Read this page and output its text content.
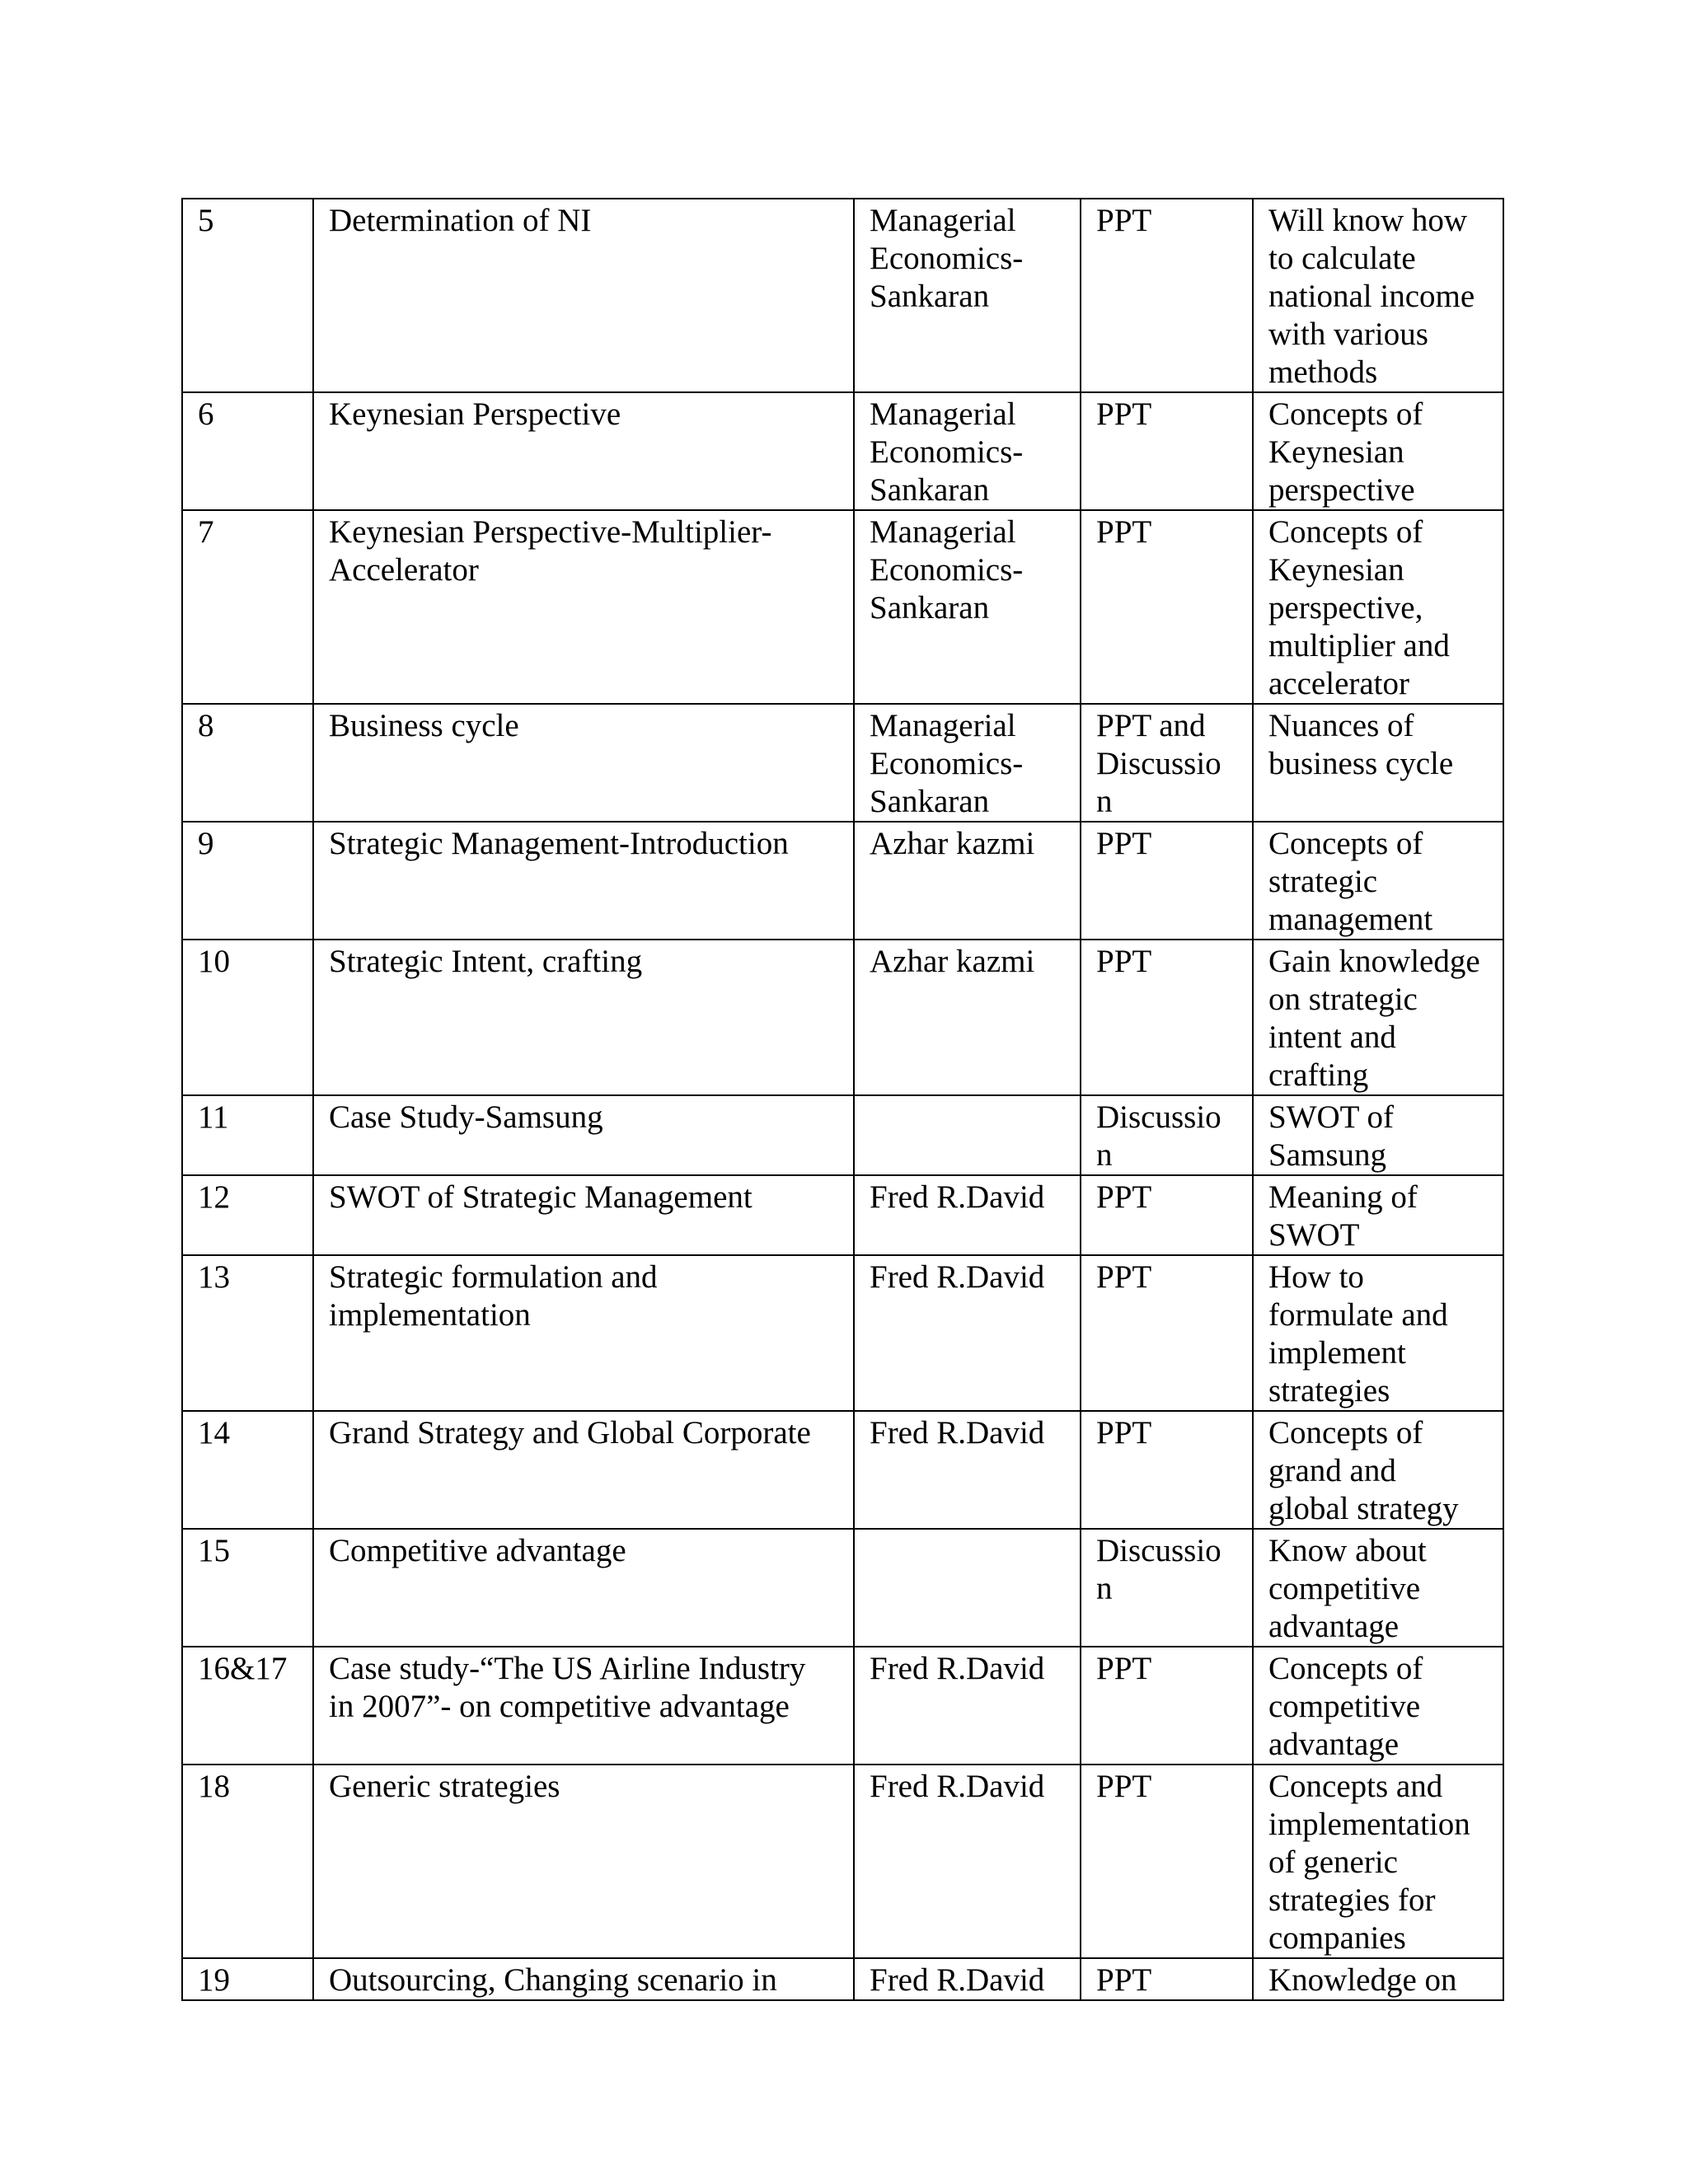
5	Determination of NI	Managerial
Economics-
Sankaran	PPT	Will know how
to calculate
national income
with various
methods

6	Keynesian Perspective	Managerial
Economics-
Sankaran	PPT	Concepts of
Keynesian
perspective

7	Keynesian Perspective-Multiplier-
Accelerator	Managerial
Economics-
Sankaran	PPT	Concepts of
Keynesian
perspective,
multiplier and
accelerator

8	Business cycle	Managerial
Economics-
Sankaran	PPT and
Discussio
n	Nuances of
business cycle

9	Strategic Management-Introduction	Azhar kazmi	PPT	Concepts of
strategic
management

10	Strategic Intent, crafting	Azhar kazmi	PPT	Gain knowledge
on strategic
intent and
crafting

11	Case Study-Samsung		Discussio
n	SWOT of
Samsung

12	SWOT of Strategic Management	Fred R.David	PPT	Meaning of
SWOT

13	Strategic formulation and
implementation	Fred R.David	PPT	How to
formulate and
implement
strategies

14	Grand Strategy and Global Corporate	Fred R.David	PPT	Concepts of
grand and
global strategy

15	Competitive advantage		Discussio
n	Know about
competitive
advantage

16&17	Case study-“The US Airline Industry
in 2007”- on competitive advantage	Fred R.David	PPT	Concepts of
competitive
advantage

18	Generic strategies	Fred R.David	PPT	Concepts and
implementation
of generic
strategies for
companies

19	Outsourcing, Changing scenario in	Fred R.David	PPT	Knowledge on
